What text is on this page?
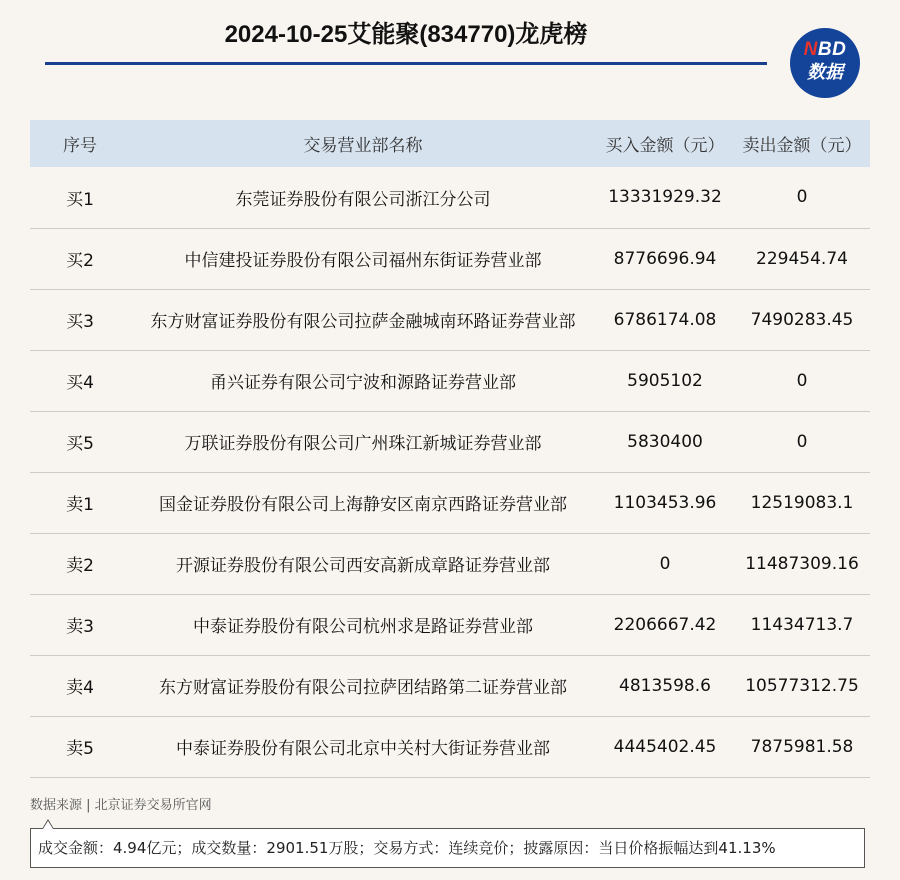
2024-10-25艾能聚(834770)龙虎榜
NBD
数据
序号	交易营业部名称	买入金额（元）	卖出金额（元）
买1	东莞证券股份有限公司浙江分公司	13331929.32	0
买2	中信建投证券股份有限公司福州东街证券营业部	8776696.94	229454.74
买3	东方财富证券股份有限公司拉萨金融城南环路证券营业部	6786174.08	7490283.45
买4	甬兴证券有限公司宁波和源路证券营业部	5905102	0
买5	万联证券股份有限公司广州珠江新城证券营业部	5830400	0
卖1	国金证券股份有限公司上海静安区南京西路证券营业部	1103453.96	12519083.1
卖2	开源证券股份有限公司西安高新成章路证券营业部	0	11487309.16
卖3	中泰证券股份有限公司杭州求是路证券营业部	2206667.42	11434713.7
卖4	东方财富证券股份有限公司拉萨团结路第二证券营业部	4813598.6	10577312.75
卖5	中泰证券股份有限公司北京中关村大街证券营业部	4445402.45	7875981.58
数据来源 | 北京证券交易所官网
成交金额：4.94亿元；成交数量：2901.51万股；交易方式：连续竞价；披露原因：当日价格振幅达到41.13%
